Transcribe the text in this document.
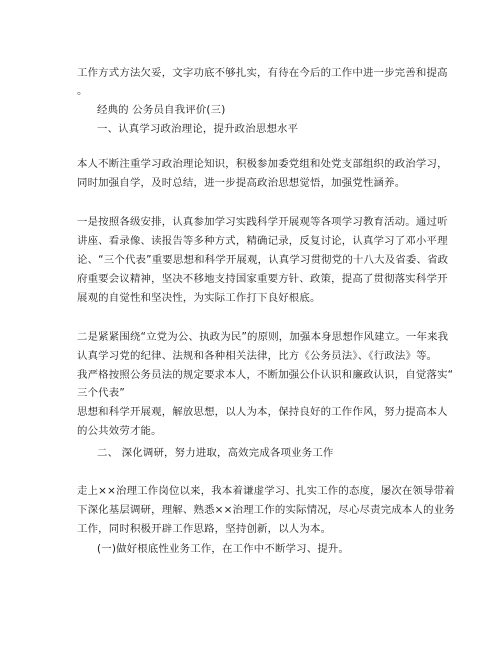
工作方式方法欠妥，文字功底不够扎实，有待在今后的工作中进一步完善和提高
。
经典的 公务员自我评价(三)
一、认真学习政治理论，提升政治思想水平
本人不断注重学习政治理论知识，积极参加委党组和处党支部组织的政治学习，
同时加强自学，及时总结，进一步提高政治思想觉悟，加强党性涵养。
一是按照各级安排，认真参加学习实践科学开展观等各项学习教育活动。通过听
讲座、看录像、读报告等多种方式，精确记录，反复讨论，认真学习了邓小平理
论、“三个代表”重要思想和科学开展观，认真学习贯彻党的十八大及省委、省政
府重要会议精神，坚决不移地支持国家重要方针、政策，提高了贯彻落实科学开
展观的自觉性和坚决性，为实际工作打下良好根底。
二是紧紧围绕“立党为公、执政为民”的原则，加强本身思想作风建立。一年来我
认真学习党的纪律、法规和各种相关法律，比方《公务员法》、《行政法》等。
我严格按照公务员法的规定要求本人，不断加强公仆认识和廉政认识，自觉落实“
三个代表”
思想和科学开展观，解放思想，以人为本，保持良好的工作作风，努力提高本人
的公共效劳才能。
二、 深化调研，努力进取，高效完成各项业务工作
走上××治理工作岗位以来，我本着谦虚学习、扎实工作的态度，屡次在领导带着
下深化基层调研，理解、熟悉××治理工作的实际情况，尽心尽责完成本人的业务
工作，同时积极开辟工作思路，坚持创新，以人为本。
(一)做好根底性业务工作，在工作中不断学习、提升。
